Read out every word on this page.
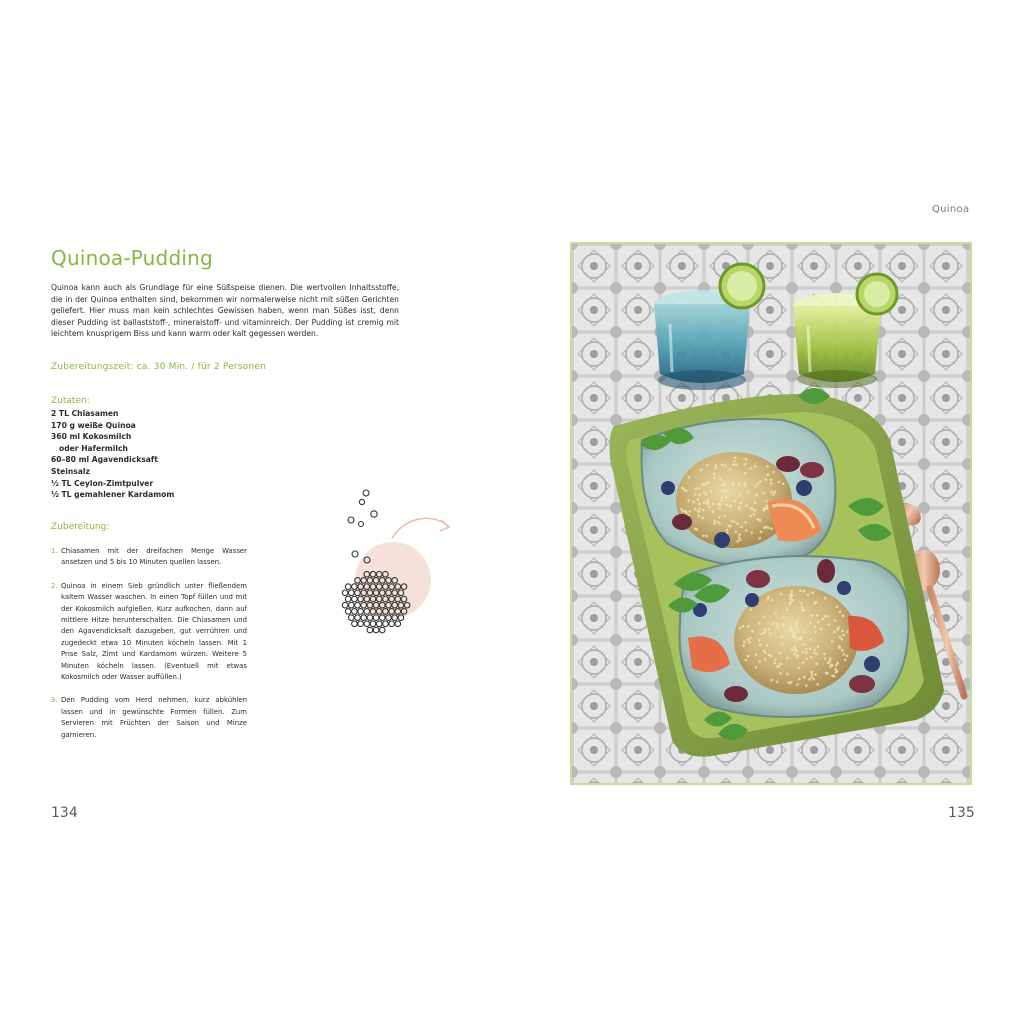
Quinoa
Quinoa-Pudding

Quinoa kann auch als Grundlage für eine Süßspeise dienen. Die wertvollen Inhaltsstoffe, die in der Quinoa enthalten sind, bekommen wir normalerweise nicht mit süßen Gerichten geliefert. Hier muss man kein schlechtes Gewissen haben, wenn man Süßes isst, denn dieser Pudding ist ballaststoff-, mineralstoff- und vitaminreich. Der Pudding ist cremig mit leichtem knusprigem Biss und kann warm oder kalt gegessen werden.

Zubereitungszeit: ca. 30 Min. / für 2 Personen

Zutaten:

2 TL Chiasamen
170 g weiße Quinoa
360 ml Kokosmilch
oder Hafermilch
60–80 ml Agavendicksaft
Steinsalz
½ TL Ceylon-Zimtpulver
½ TL gemahlener Kardamom

Zubereitung:

1. Chiasamen mit der dreifachen Menge Wasser ansetzen und 5 bis 10 Minuten quellen lassen.
2. Quinoa in einem Sieb gründlich unter fließendem kaltem Wasser waschen. In einen Topf füllen und mit der Kokosmilch aufgießen. Kurz aufkochen, dann auf mittlere Hitze herunterschalten. Die Chiasamen und den Agavendicksaft dazugeben, gut verrühren und zugedeckt etwa 10 Minuten köcheln lassen. Mit 1 Prise Salz, Zimt und Kardamom würzen. Weitere 5 Minuten köcheln lassen. (Eventuell mit etwas Kokosmilch oder Wasser auffüllen.)
3. Den Pudding vom Herd nehmen, kurz abkühlen lassen und in gewünschte Formen füllen. Zum Servieren mit Früchten der Saison und Minze garnieren.
134	135
